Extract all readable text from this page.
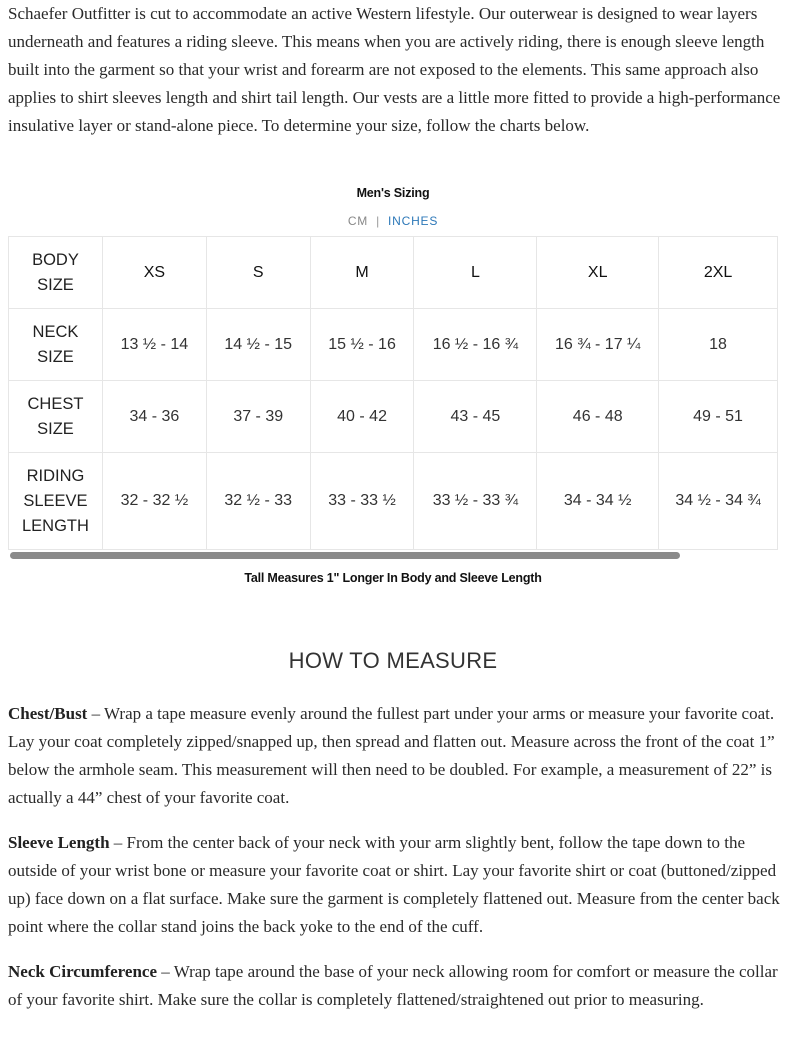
Schaefer Outfitter is cut to accommodate an active Western lifestyle. Our outerwear is designed to wear layers underneath and features a riding sleeve. This means when you are actively riding, there is enough sleeve length built into the garment so that your wrist and forearm are not exposed to the elements. This same approach also applies to shirt sleeves length and shirt tail length. Our vests are a little more fitted to provide a high-performance insulative layer or stand-alone piece. To determine your size, follow the charts below.

Men's Sizing
CM | INCHES
BODY
SIZE	XS	S	M	L	XL	2XL

NECK
SIZE	13 ½ - 14	14 ½ - 15	15 ½ - 16	16 ½ - 16 ¾	16 ¾ - 17 ¼	18

CHEST
SIZE	34 - 36	37 - 39	40 - 42	43 - 45	46 - 48	49 - 51

RIDING
SLEEVE
LENGTH	32 - 32 ½	32 ½ - 33	33 - 33 ½	33 ½ - 33 ¾	34 - 34 ½	34 ½ - 34 ¾
Tall Measures 1" Longer In Body and Sleeve Length
HOW TO MEASURE

Chest/Bust – Wrap a tape measure evenly around the fullest part under your arms or measure your favorite coat. Lay your coat completely zipped/snapped up, then spread and flatten out. Measure across the front of the coat 1” below the armhole seam. This measurement will then need to be doubled. For example, a measurement of 22” is actually a 44” chest of your favorite coat.

Sleeve Length – From the center back of your neck with your arm slightly bent, follow the tape down to the outside of your wrist bone or measure your favorite coat or shirt. Lay your favorite shirt or coat (buttoned/zipped up) face down on a flat surface. Make sure the garment is completely flattened out. Measure from the center back point where the collar stand joins the back yoke to the end of the cuff.

Neck Circumference – Wrap tape around the base of your neck allowing room for comfort or measure the collar of your favorite shirt. Make sure the collar is completely flattened/straightened out prior to measuring.
